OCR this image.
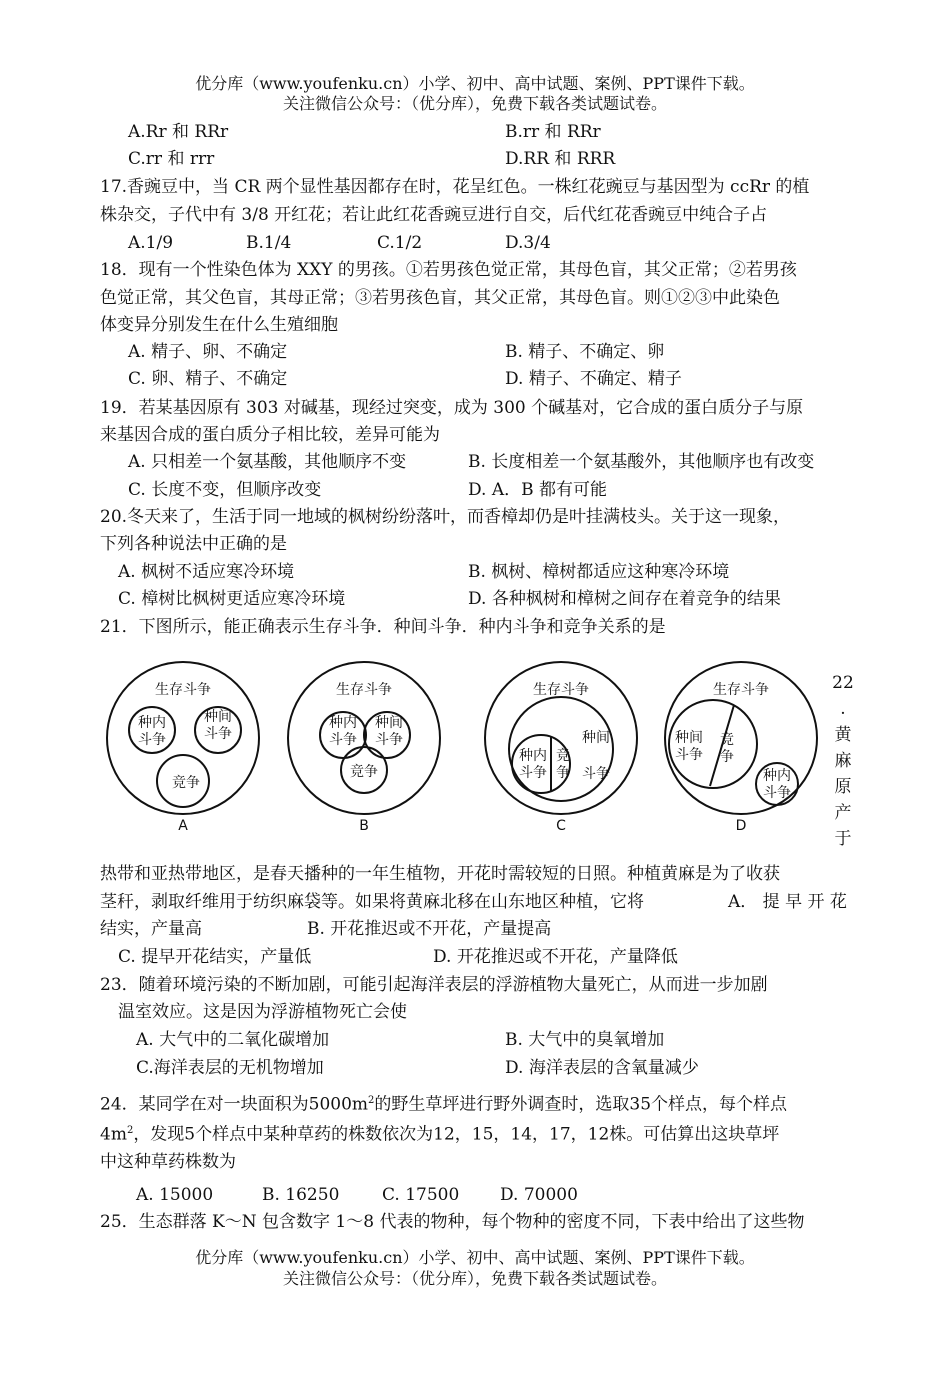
优分库（www.youfenku.cn）小学、初中、高中试题、案例、PPT课件下载。
关注微信公众号：（优分库），免费下载各类试题试卷。
A.Rr 和 RRr	B.rr 和 RRr
C.rr 和 rrr	D.RR 和 RRR
17.香豌豆中，当 CR 两个显性基因都存在时，花呈红色。一株红花豌豆与基因型为 ccRr 的植
株杂交，子代中有 3/8 开红花；若让此红花香豌豆进行自交，后代红花香豌豆中纯合子占
A.1/9	B.1/4	C.1/2	D.3/4
18．现有一个性染色体为 XXY 的男孩。①若男孩色觉正常，其母色盲，其父正常；②若男孩
色觉正常，其父色盲，其母正常；③若男孩色盲，其父正常，其母色盲。则①②③中此染色
体变异分别发生在什么生殖细胞
A. 精子、卵、不确定	B. 精子、不确定、卵
C. 卵、精子、不确定	D. 精子、不确定、精子
19．若某基因原有 303 对碱基，现经过突变，成为 300 个碱基对，它合成的蛋白质分子与原
来基因合成的蛋白质分子相比较，差异可能为
A. 只相差一个氨基酸，其他顺序不变	B. 长度相差一个氨基酸外，其他顺序也有改变
C. 长度不变，但顺序改变	D. A．B 都有可能
20.冬天来了，生活于同一地域的枫树纷纷落叶，而香樟却仍是叶挂满枝头。关于这一现象，
下列各种说法中正确的是
A. 枫树不适应寒冷环境	B. 枫树、樟树都适应这种寒冷环境
C. 樟树比枫树更适应寒冷环境	D. 各种枫树和樟树之间存在着竞争的结果
21．下图所示，能正确表示生存斗争．种间斗争．种内斗争和竞争关系的是
生存斗争
种内
斗争
种间
斗争
竞争
生存斗争
种内
斗争
种间
斗争
竞争
生存斗争
种内
斗争
竞
争
种间
斗争
生存斗争
种间
斗争
竞
争
种内
斗争
A	B	C	D
22
.
黄
麻
原
产
于
热带和亚热带地区，是春天播种的一年生植物，开花时需较短的日照。种植黄麻是为了收获
茎秆，剥取纤维用于纺织麻袋等。如果将黄麻北移在山东地区种植，它将	A． 提 早 开 花
结实，产量高	B. 开花推迟或不开花，产量提高
C. 提早开花结实，产量低	D. 开花推迟或不开花，产量降低
23．随着环境污染的不断加剧，可能引起海洋表层的浮游植物大量死亡，从而进一步加剧
温室效应。这是因为浮游植物死亡会使
A. 大气中的二氧化碳增加	B. 大气中的臭氧增加
C.海洋表层的无机物增加	D. 海洋表层的含氧量减少
24．某同学在对一块面积为$5000m^2$的野生草坪进行野外调查时，选取35个样点，每个样点
$4m^2$，发现5个样点中某种草药的株数依次为12，15，14，17，12株。可估算出这块草坪
中这种草药株数为
A. 15000	B. 16250	C. 17500 D. 70000
25．生态群落 K～N 包含数字 1～8 代表的物种，每个物种的密度不同，下表中给出了这些物
优分库（www.youfenku.cn）小学、初中、高中试题、案例、PPT课件下载。
关注微信公众号：（优分库），免费下载各类试题试卷。
